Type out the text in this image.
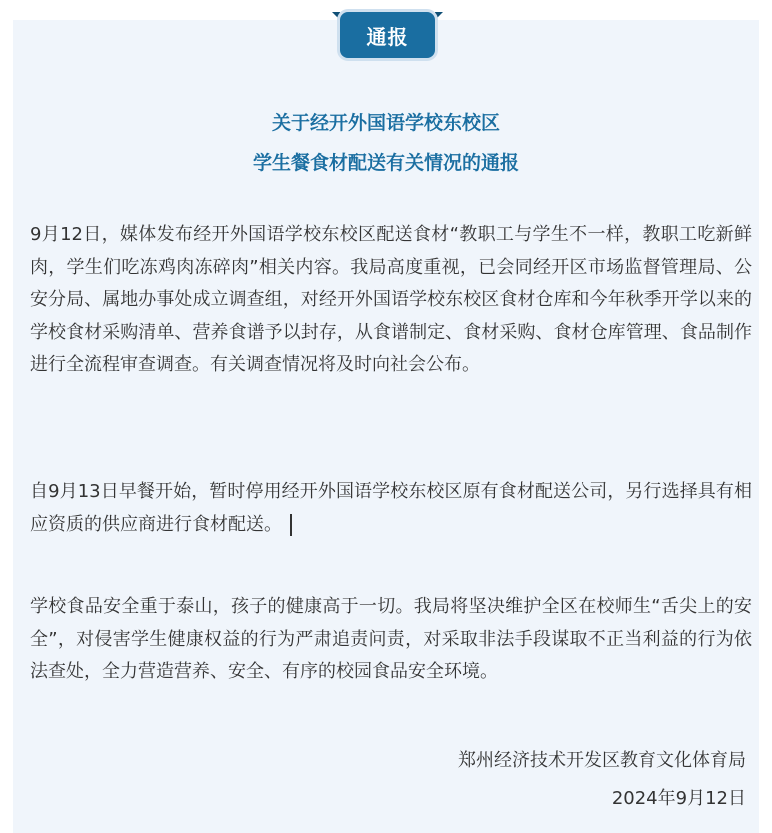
通报
关于经开外国语学校东校区
学生餐食材配送有关情况的通报
9月12日，媒体发布经开外国语学校东校区配送食材“教职工与学生不一样，教职工吃新鲜肉，学生们吃冻鸡肉冻碎肉”相关内容。我局高度重视，已会同经开区市场监督管理局、公安分局、属地办事处成立调查组，对经开外国语学校东校区食材仓库和今年秋季开学以来的学校食材采购清单、营养食谱予以封存，从食谱制定、食材采购、食材仓库管理、食品制作进行全流程审查调查。有关调查情况将及时向社会公布。
自9月13日早餐开始，暂时停用经开外国语学校东校区原有食材配送公司，另行选择具有相应资质的供应商进行食材配送。
学校食品安全重于泰山，孩子的健康高于一切。我局将坚决维护全区在校师生“舌尖上的安全”，对侵害学生健康权益的行为严肃追责问责，对采取非法手段谋取不正当利益的行为依法查处，全力营造营养、安全、有序的校园食品安全环境。
郑州经济技术开发区教育文化体育局
2024年9月12日
